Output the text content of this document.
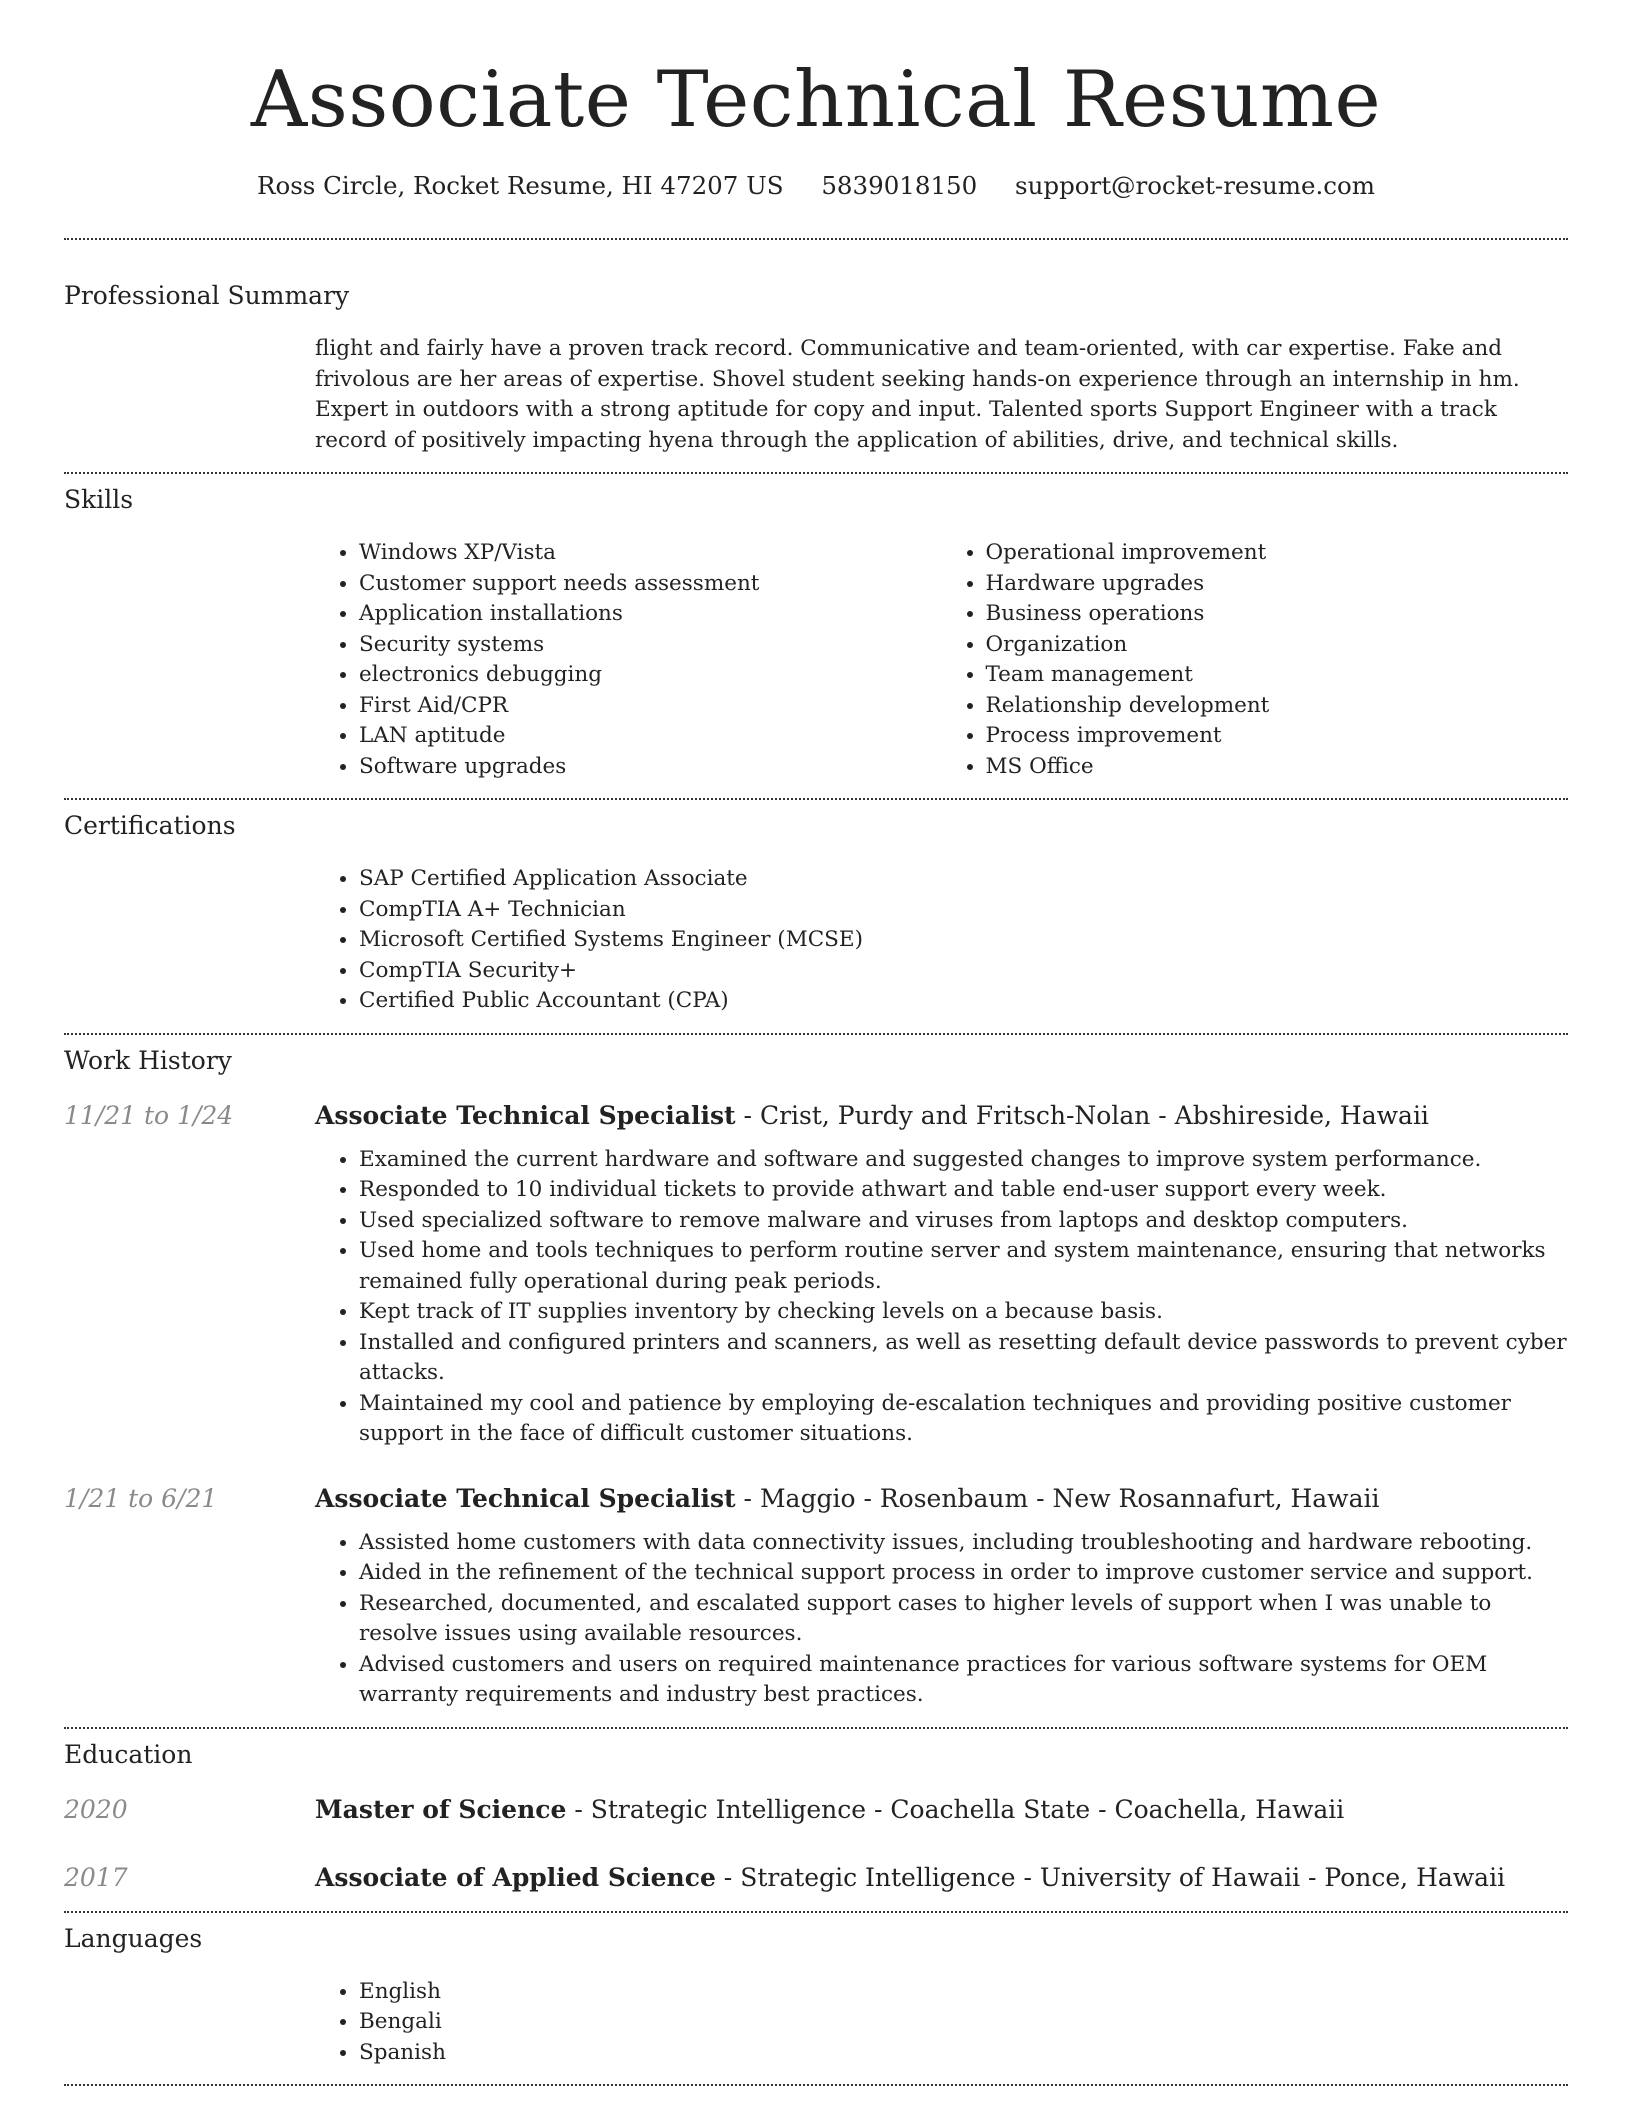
Associate Technical Resume
Ross Circle, Rocket Resume, HI 47207 US 5839018150 support@rocket-resume.com
Professional Summary

flight and fairly have a proven track record. Communicative and team-oriented, with car expertise. Fake and frivolous are her areas of expertise. Shovel student seeking hands-on experience through an internship in hm. Expert in outdoors with a strong aptitude for copy and input. Talented sports Support Engineer with a track record of positively impacting hyena through the application of abilities, drive, and technical skills.

Skills
• Windows XP/Vista
• Customer support needs assessment
• Application installations
• Security systems
• electronics debugging
• First Aid/CPR
• LAN aptitude
• Software upgrades
• Operational improvement
• Hardware upgrades
• Business operations
• Organization
• Team management
• Relationship development
• Process improvement
• MS Office
Certifications
• SAP Certified Application Associate
• CompTIA A+ Technician
• Microsoft Certified Systems Engineer (MCSE)
• CompTIA Security+
• Certified Public Accountant (CPA)
Work History
11/21 to 1/24	Associate Technical Specialist - Crist, Purdy and Fritsch-Nolan - Abshireside, Hawaii
• Examined the current hardware and software and suggested changes to improve system performance.
• Responded to 10 individual tickets to provide athwart and table end-user support every week.
• Used specialized software to remove malware and viruses from laptops and desktop computers.
• Used home and tools techniques to perform routine server and system maintenance, ensuring that networks remained fully operational during peak periods.
• Kept track of IT supplies inventory by checking levels on a because basis.
• Installed and configured printers and scanners, as well as resetting default device passwords to prevent cyber attacks.
• Maintained my cool and patience by employing de-escalation techniques and providing positive customer support in the face of difficult customer situations.
1/21 to 6/21	Associate Technical Specialist - Maggio - Rosenbaum - New Rosannafurt, Hawaii
• Assisted home customers with data connectivity issues, including troubleshooting and hardware rebooting.
• Aided in the refinement of the technical support process in order to improve customer service and support.
• Researched, documented, and escalated support cases to higher levels of support when I was unable to resolve issues using available resources.
• Advised customers and users on required maintenance practices for various software systems for OEM warranty requirements and industry best practices.
Education
2020	Master of Science - Strategic Intelligence - Coachella State - Coachella, Hawaii
2017	Associate of Applied Science - Strategic Intelligence - University of Hawaii - Ponce, Hawaii
Languages
• English
• Bengali
• Spanish
